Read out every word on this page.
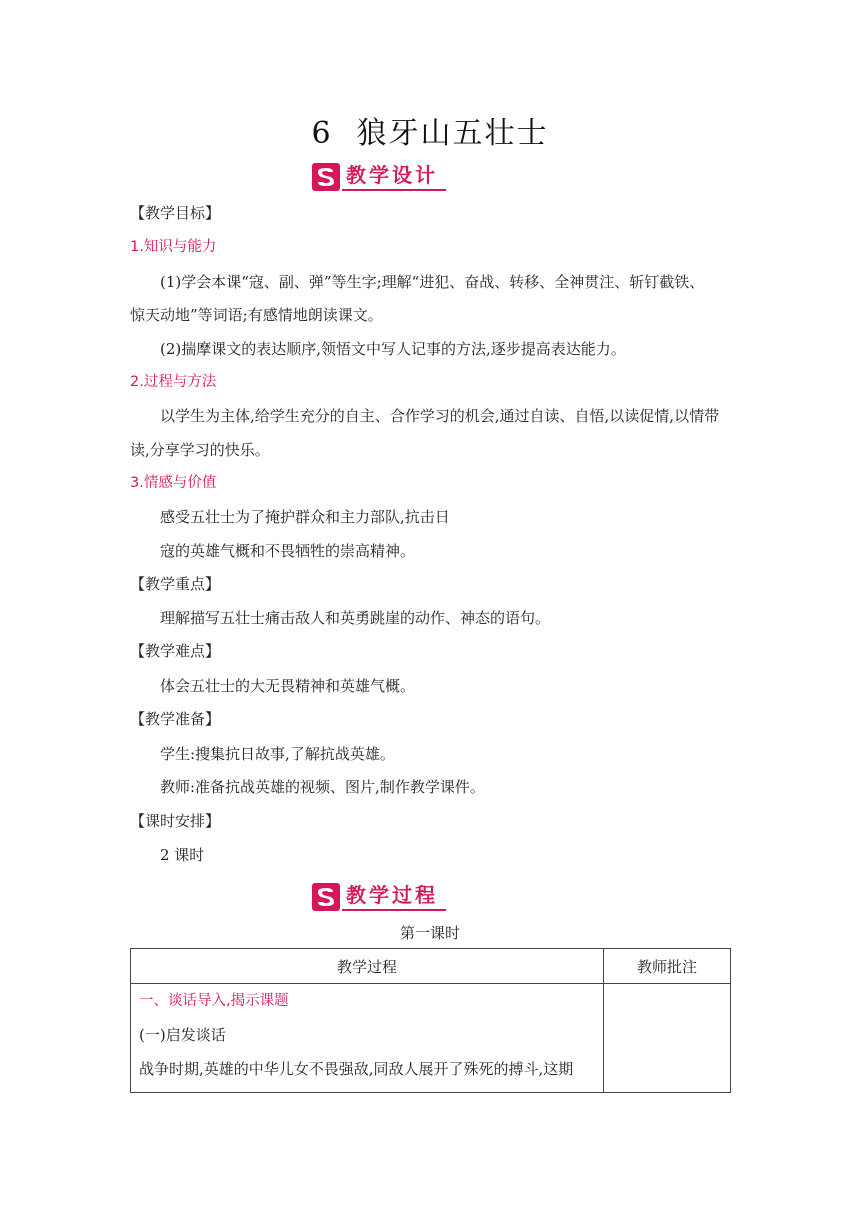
6 狼牙山五壮士
教学设计
【教学目标】
1.知识与能力
(1)学会本课“寇、副、弹”等生字;理解“进犯、奋战、转移、全神贯注、斩钉截铁、
惊天动地”等词语;有感情地朗读课文。
(2)揣摩课文的表达顺序,领悟文中写人记事的方法,逐步提高表达能力。
2.过程与方法
以学生为主体,给学生充分的自主、合作学习的机会,通过自读、自悟,以读促情,以情带
读,分享学习的快乐。
3.情感与价值
感受五壮士为了掩护群众和主力部队,抗击日
寇的英雄气概和不畏牺牲的崇高精神。
【教学重点】
理解描写五壮士痛击敌人和英勇跳崖的动作、神态的语句。
【教学难点】
体会五壮士的大无畏精神和英雄气概。
【教学准备】
学生:搜集抗日故事,了解抗战英雄。
教师:准备抗战英雄的视频、图片,制作教学课件。
【课时安排】
2 课时
教学过程
第一课时
教学过程	教师批注

一、谈话导入,揭示课题
(一)启发谈话
战争时期,英雄的中华儿女不畏强敌,同敌人展开了殊死的搏斗,这期	
